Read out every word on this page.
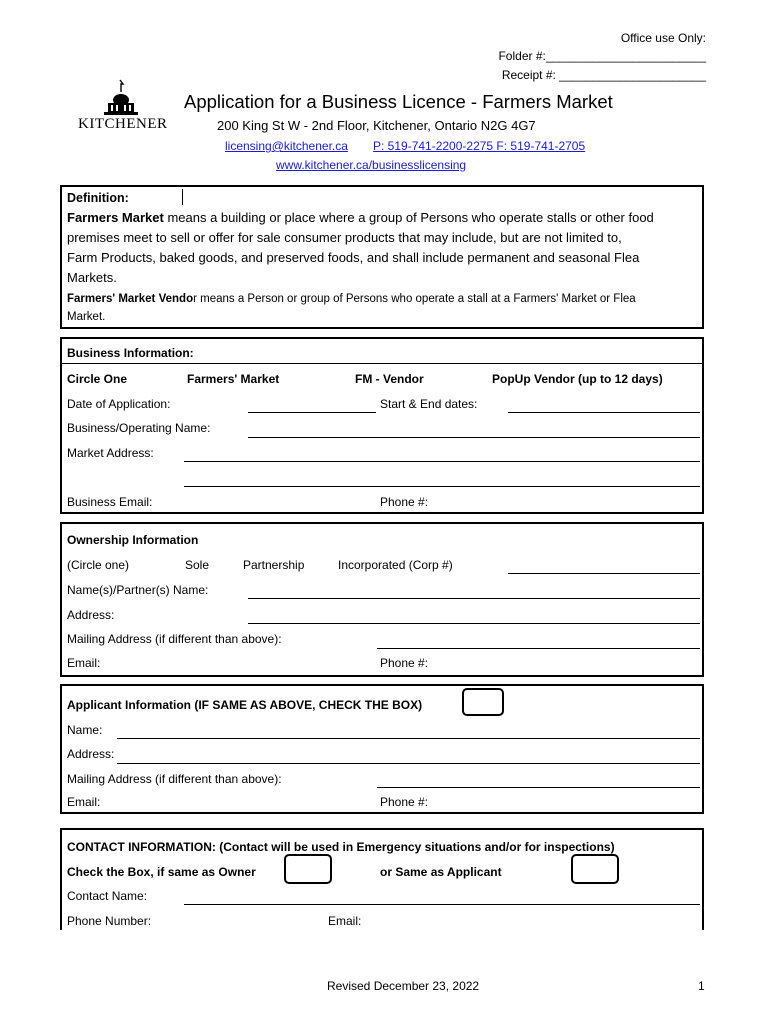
Office use Only:
Folder #:________________________
Receipt #: ______________________
KITCHENER
Application for a Business Licence - Farmers Market
200 King St W - 2nd Floor, Kitchener, Ontario N2G 4G7
licensing@kitchener.ca P: 519-741-2200-2275 F: 519-741-2705
www.kitchener.ca/businesslicensing
Definition:
Farmers Market means a building or place where a group of Persons who operate stalls or other food
premises meet to sell or offer for sale consumer products that may include, but are not limited to,
Farm Products, baked goods, and preserved foods, and shall include permanent and seasonal Flea
Markets.
Farmers' Market Vendor means a Person or group of Persons who operate a stall at a Farmers' Market or Flea
Market.
Business Information:
Circle One	Farmers' Market	FM - Vendor	PopUp Vendor (up to 12 days)
Date of Application:	Start & End dates:
Business/Operating Name:
Market Address:
Business Email:	Phone #:
Ownership Information
(Circle one)	Sole	Partnership	Incorporated (Corp #)
Name(s)/Partner(s) Name:
Address:
Mailing Address (if different than above):
Email:	Phone #:
Applicant Information (IF SAME AS ABOVE, CHECK THE BOX)
Name:
Address:
Mailing Address (if different than above):
Email:	Phone #:
CONTACT INFORMATION: (Contact will be used in Emergency situations and/or for inspections)
Check the Box, if same as Owner	or Same as Applicant
Contact Name:
Phone Number:	Email:
Revised December 23, 2022	1
